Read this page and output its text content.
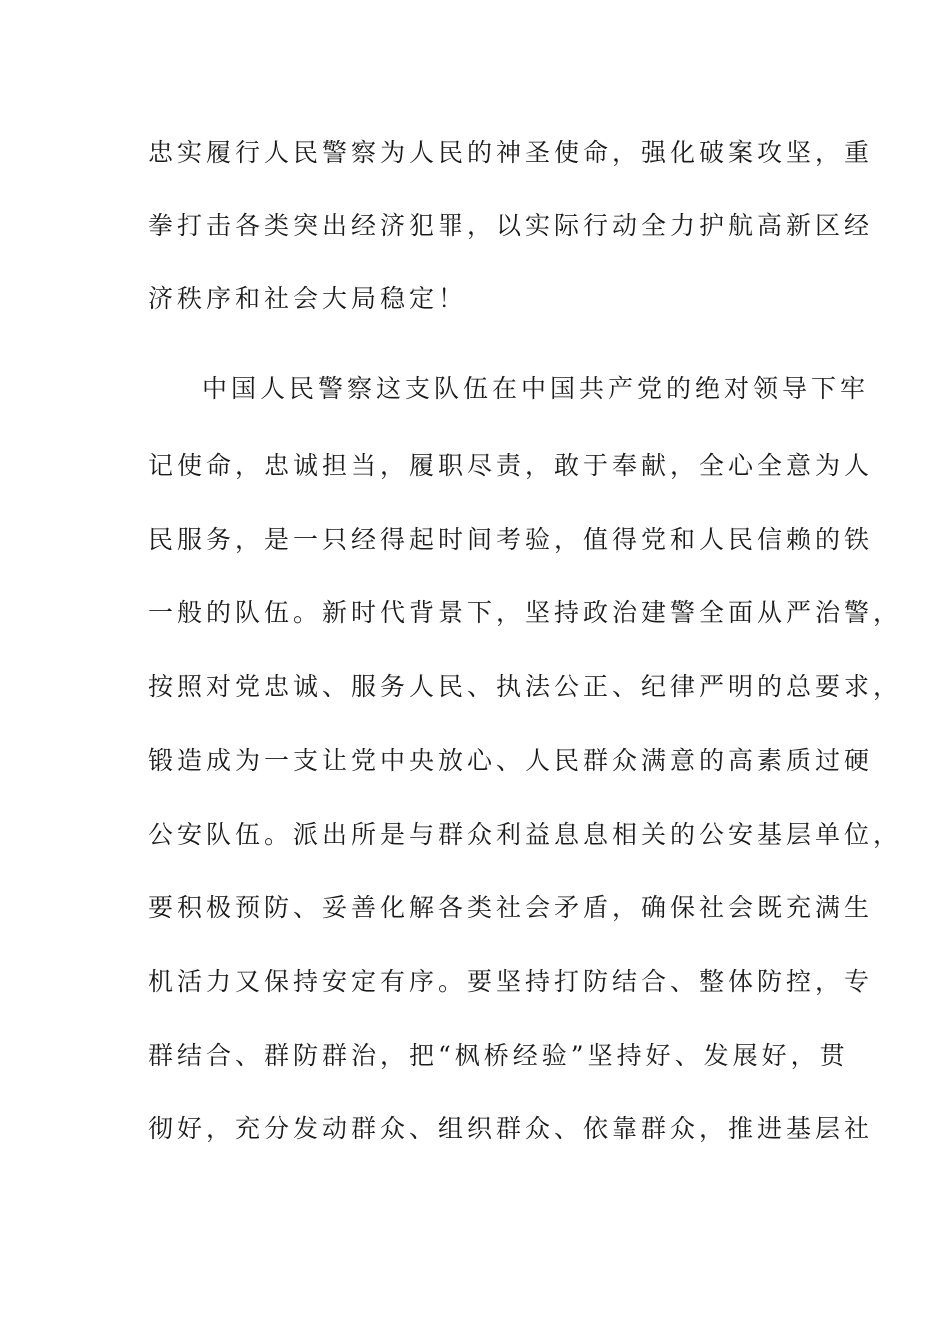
忠实履行人民警察为人民的神圣使命，强化破案攻坚，重
拳打击各类突出经济犯罪，以实际行动全力护航高新区经
济秩序和社会大局稳定！
中国人民警察这支队伍在中国共产党的绝对领导下牢
记使命，忠诚担当，履职尽责，敢于奉献，全心全意为人
民服务，是一只经得起时间考验，值得党和人民信赖的铁
一般的队伍。新时代背景下，坚持政治建警全面从严治警，
按照对党忠诚、服务人民、执法公正、纪律严明的总要求，
锻造成为一支让党中央放心、人民群众满意的高素质过硬
公安队伍。派出所是与群众利益息息相关的公安基层单位，
要积极预防、妥善化解各类社会矛盾，确保社会既充满生
机活力又保持安定有序。要坚持打防结合、整体防控，专
群结合、群防群治，把“枫桥经验”坚持好、发展好，贯
彻好，充分发动群众、组织群众、依靠群众，推进基层社
